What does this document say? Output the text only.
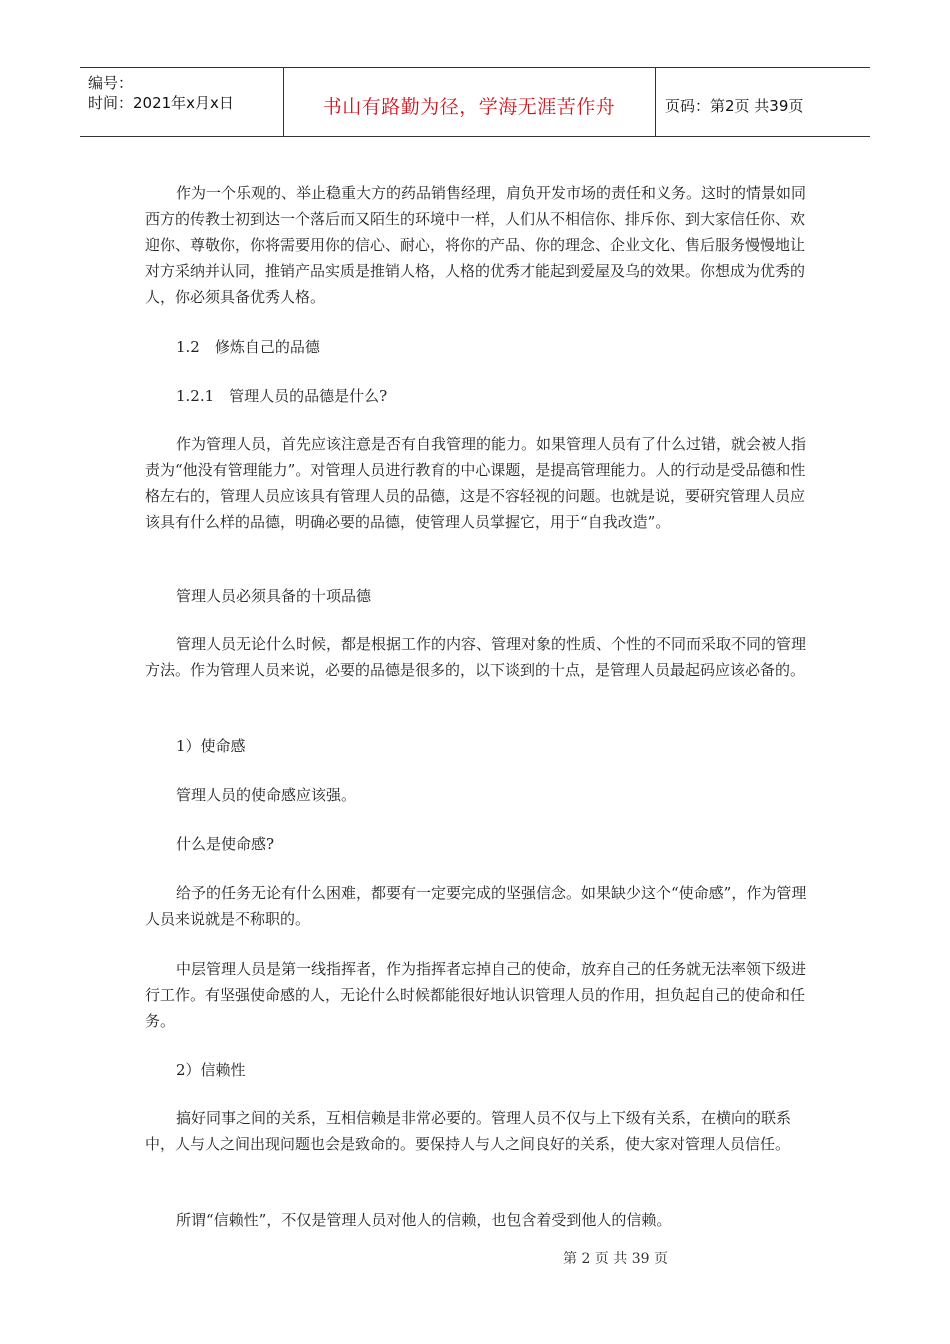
编号：
时间：2021年x月x日	书山有路勤为径，学海无涯苦作舟	页码：第2页 共39页

作为一个乐观的、举止稳重大方的药品销售经理，肩负开发市场的责任和义务。这时的情景如同西方的传教士初到达一个落后而又陌生的环境中一样，人们从不相信你、排斥你、到大家信任你、欢迎你、尊敬你，你将需要用你的信心、耐心，将你的产品、你的理念、企业文化、售后服务慢慢地让对方采纳并认同，推销产品实质是推销人格，人格的优秀才能起到爱屋及乌的效果。你想成为优秀的人，你必须具备优秀人格。

1.2　修炼自己的品德

1.2.1　管理人员的品德是什么?

作为管理人员，首先应该注意是否有自我管理的能力。如果管理人员有了什么过错，就会被人指责为“他没有管理能力”。对管理人员进行教育的中心课题，是提高管理能力。人的行动是受品德和性格左右的，管理人员应该具有管理人员的品德，这是不容轻视的问题。也就是说，要研究管理人员应该具有什么样的品德，明确必要的品德，使管理人员掌握它，用于“自我改造”。

管理人员必须具备的十项品德

管理人员无论什么时候，都是根据工作的内容、管理对象的性质、个性的不同而采取不同的管理方法。作为管理人员来说，必要的品德是很多的，以下谈到的十点，是管理人员最起码应该必备的。

1）使命感

管理人员的使命感应该强。

什么是使命感?

给予的任务无论有什么困难，都要有一定要完成的坚强信念。如果缺少这个“使命感”，作为管理人员来说就是不称职的。

中层管理人员是第一线指挥者，作为指挥者忘掉自己的使命，放弃自己的任务就无法率领下级进行工作。有坚强使命感的人，无论什么时候都能很好地认识管理人员的作用，担负起自己的使命和任务。

2）信赖性

搞好同事之间的关系，互相信赖是非常必要的。管理人员不仅与上下级有关系，在横向的联系中，人与人之间出现问题也会是致命的。要保持人与人之间良好的关系，使大家对管理人员信任。

所谓“信赖性”，不仅是管理人员对他人的信赖，也包含着受到他人的信赖。

第 2 页 共 39 页
